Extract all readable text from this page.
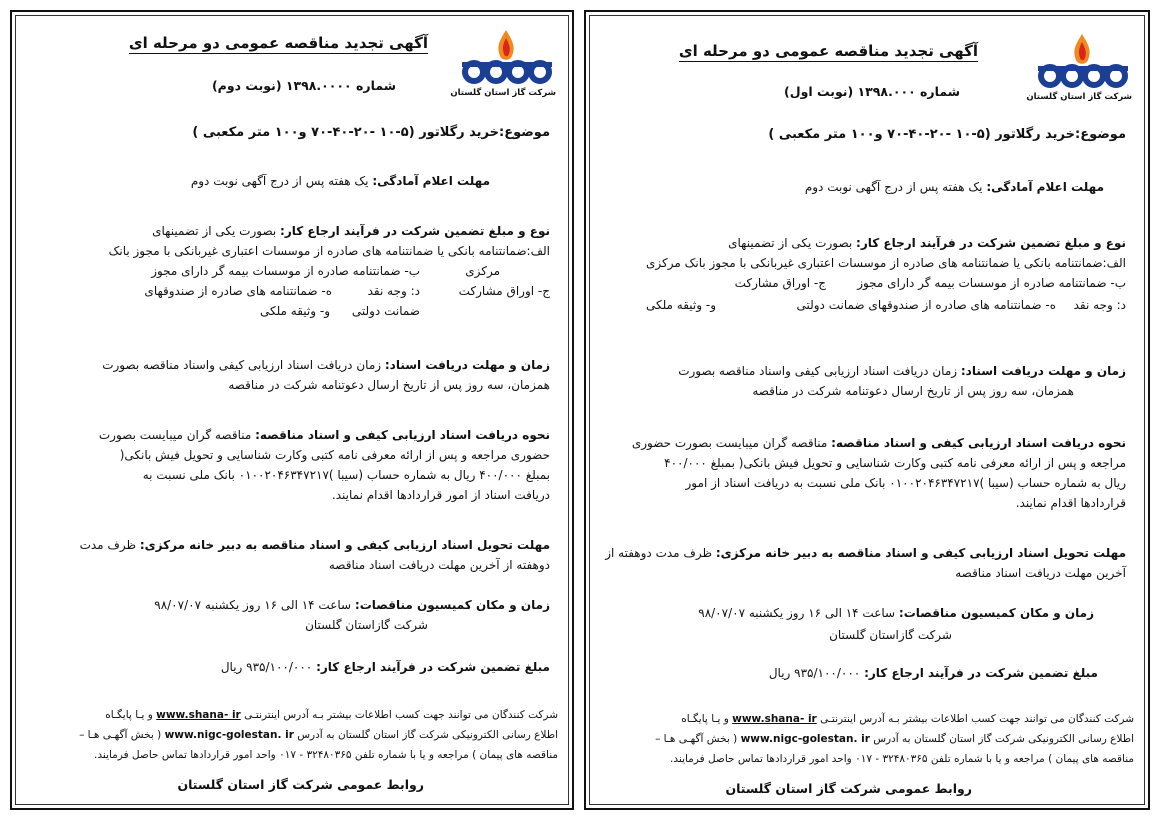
شرکت گاز استان گلستان
آگهی تجدید مناقصه عمومی دو مرحله ای
شماره ۱۳۹۸.۰۰۰۰ (نوبت دوم)
موضوع:خرید رگلاتور (۵-۱۰ -۲۰-۴۰-۷۰ و۱۰۰ متر مکعبی )
مهلت اعلام آمادگی: یک هفته پس از درج آگهی نوبت دوم
نوع و مبلغ تضمین شرکت در فرآیند ارجاع کار: بصورت یکی از تضمینهای
الف:ضمانتنامه بانکی یا ضمانتنامه های صادره از موسسات اعتباری غیربانکی با مجوز بانک
مرکزی
ب- ضمانتنامه صادره از موسسات بیمه گر دارای مجوز
ج- اوراق مشارکت
د: وجه نقد
ه- ضمانتنامه های صادره از صندوقهای
ضمانت دولتی
و- وثیقه ملکی
زمان و مهلت دریافت اسناد: زمان دریافت اسناد ارزیابی کیفی واسناد مناقصه بصورت
همزمان، سه روز پس از تاریخ ارسال دعوتنامه شرکت در مناقصه
نحوه دریافت اسناد ارزیابی کیفی و اسناد مناقصه: مناقصه گران میبایست بصورت
حضوری مراجعه و پس از ارائه معرفی نامه کتبی وکارت شناسایی و تحویل فیش بانکی(
بمبلغ ۴۰۰/۰۰۰ ریال به شماره حساب (سیبا )۰۱۰۰۲۰۴۶۳۴۷۲۱۷ بانک ملی نسبت به
دریافت اسناد از امور قراردادها اقدام نمایند.
مهلت تحویل اسناد ارزیابی کیفی و اسناد مناقصه به دبیر خانه مرکزی: ظرف مدت
دوهفته از آخرین مهلت دریافت اسناد مناقصه
زمان و مکان کمیسیون مناقصات: ساعت ۱۴ الی ۱۶ روز یکشنبه ۹۸/۰۷/۰۷
شرکت گازاستان گلستان
مبلغ تضمین شرکت در فرآیند ارجاع کار: ۹۳۵/۱۰۰/۰۰۰ ریال
شرکت کنندگان می توانند جهت کسب اطلاعات بیشتر بـه آدرس اینترنتـی www.shana- ir و یـا پایگـاه
اطلاع رسانی الکترونیکی شرکت گاز استان گلستان به آدرس www.nigc-golestan. ir ( بخش آگهـی هـا –
مناقصه های پیمان ) مراجعه و یا با شماره تلفن ۳۲۴۸۰۳۶۵ - ۰۱۷ واحد امور قراردادها تماس حاصل فرمایند.
روابط عمومی شرکت گاز استان گلستان
شرکت گاز استان گلستان
آگهی تجدید مناقصه عمومی دو مرحله ای
شماره ۱۳۹۸.۰۰۰ (نوبت اول)
موضوع:خرید رگلاتور (۵-۱۰ -۲۰-۴۰-۷۰ و۱۰۰ متر مکعبی )
مهلت اعلام آمادگی: یک هفته پس از درج آگهی نوبت دوم
نوع و مبلغ تضمین شرکت در فرآیند ارجاع کار: بصورت یکی از تضمینهای
الف:ضمانتنامه بانکی یا ضمانتنامه های صادره از موسسات اعتباری غیربانکی با مجوز بانک مرکزی
ب- ضمانتنامه صادره از موسسات بیمه گر دارای مجوز
ج- اوراق مشارکت
د: وجه نقد
ه- ضمانتنامه های صادره از صندوقهای ضمانت دولتی
و- وثیقه ملکی
زمان و مهلت دریافت اسناد: زمان دریافت اسناد ارزیابی کیفی واسناد مناقصه بصورت
همزمان، سه روز پس از تاریخ ارسال دعوتنامه شرکت در مناقصه
نحوه دریافت اسناد ارزیابی کیفی و اسناد مناقصه: مناقصه گران میبایست بصورت حضوری
مراجعه و پس از ارائه معرفی نامه کتبی وکارت شناسایی و تحویل فیش بانکی( بمبلغ ۴۰۰/۰۰۰
ریال به شماره حساب (سیبا )۰۱۰۰۲۰۴۶۳۴۷۲۱۷ بانک ملی نسبت به دریافت اسناد از امور
قراردادها اقدام نمایند.
مهلت تحویل اسناد ارزیابی کیفی و اسناد مناقصه به دبیر خانه مرکزی: ظرف مدت دوهفته از
آخرین مهلت دریافت اسناد مناقصه
زمان و مکان کمیسیون مناقصات: ساعت ۱۴ الی ۱۶ روز یکشنبه ۹۸/۰۷/۰۷
شرکت گازاستان گلستان
مبلغ تضمین شرکت در فرآیند ارجاع کار: ۹۳۵/۱۰۰/۰۰۰ ریال
شرکت کنندگان می توانند جهت کسب اطلاعات بیشتر بـه آدرس اینترنتـی www.shana- ir و یـا پایگـاه
اطلاع رسانی الکترونیکی شرکت گاز استان گلستان به آدرس www.nigc-golestan. ir ( بخش آگهـی هـا –
مناقصه های پیمان ) مراجعه و یا با شماره تلفن ۳۲۴۸۰۳۶۵ - ۰۱۷ واحد امور قراردادها تماس حاصل فرمایند.
روابط عمومی شرکت گاز استان گلستان
